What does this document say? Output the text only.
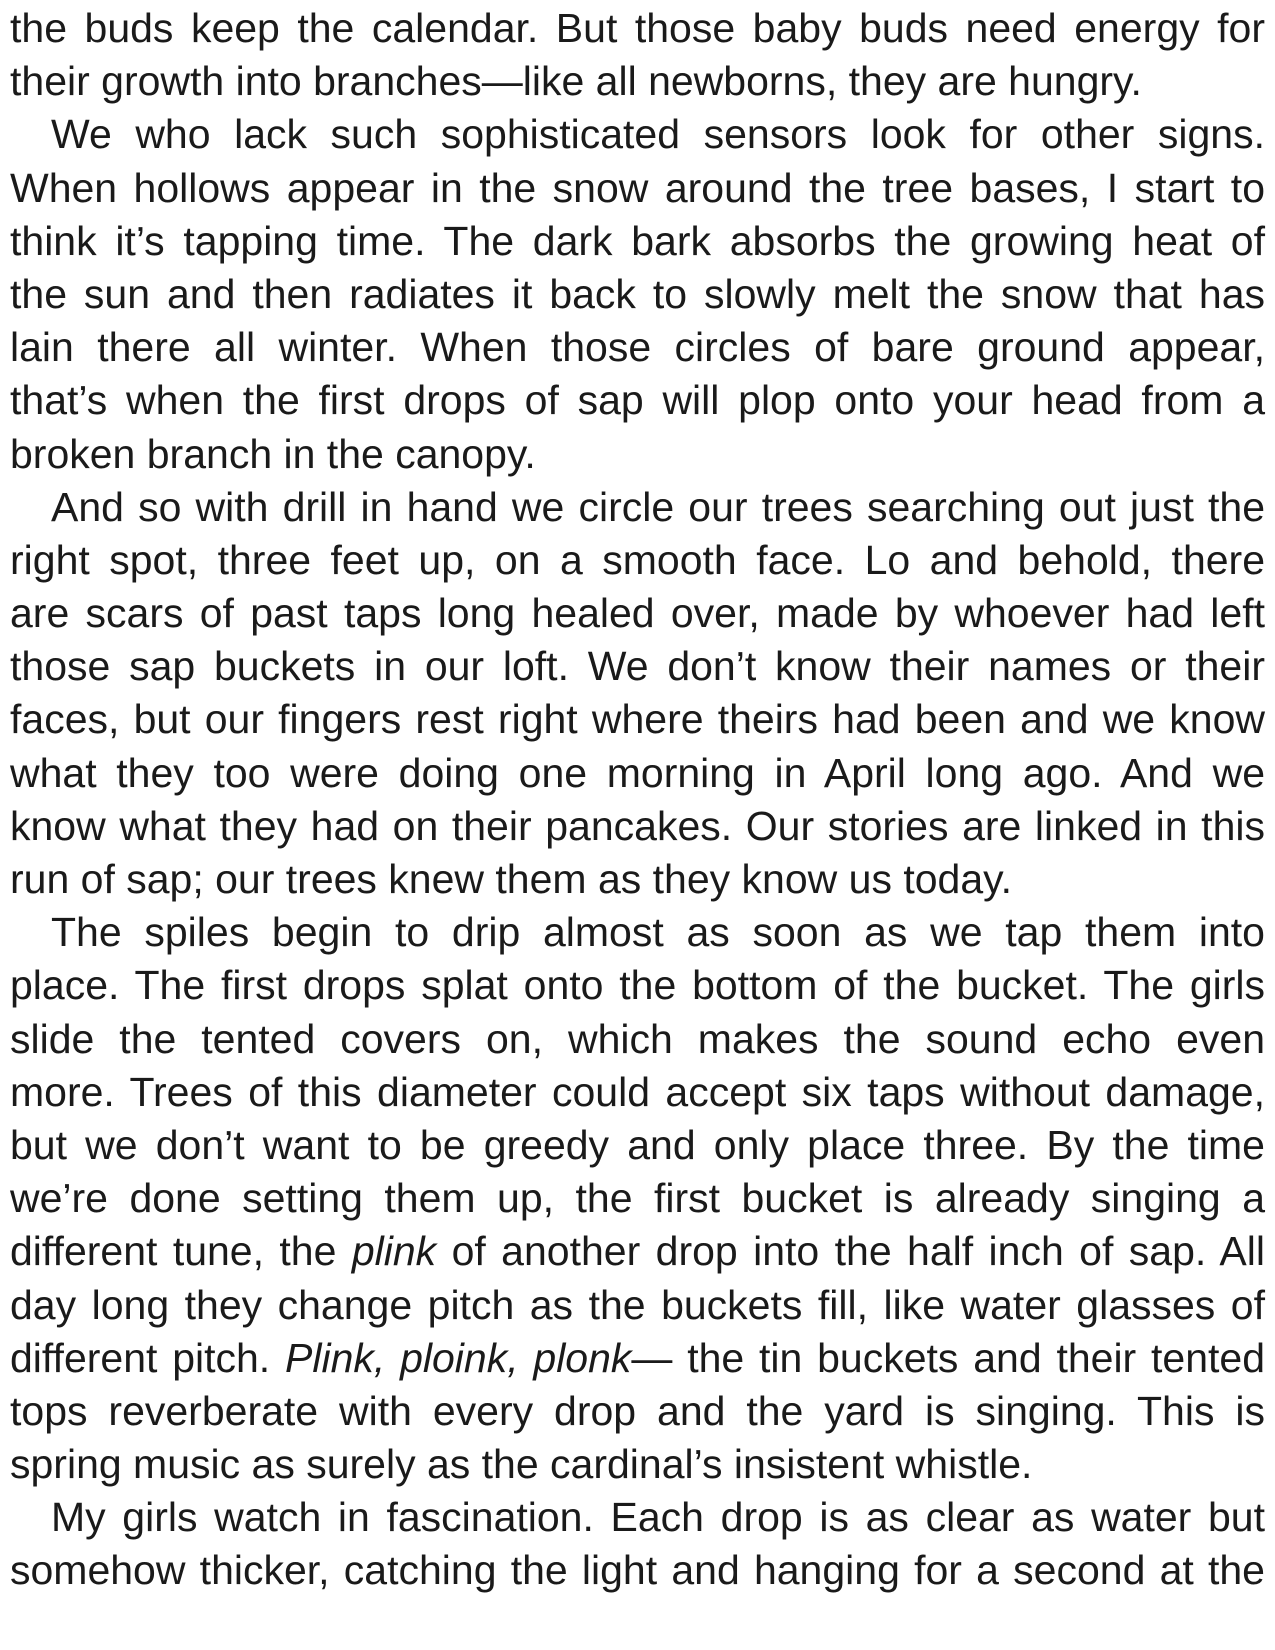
the buds keep the calendar. But those baby buds need energy for
their growth into branches—like all newborns, they are hungry.
We who lack such sophisticated sensors look for other signs.
When hollows appear in the snow around the tree bases, I start to
think it’s tapping time. The dark bark absorbs the growing heat of
the sun and then radiates it back to slowly melt the snow that has
lain there all winter. When those circles of bare ground appear,
that’s when the first drops of sap will plop onto your head from a
broken branch in the canopy.
And so with drill in hand we circle our trees searching out just the
right spot, three feet up, on a smooth face. Lo and behold, there
are scars of past taps long healed over, made by whoever had left
those sap buckets in our loft. We don’t know their names or their
faces, but our fingers rest right where theirs had been and we know
what they too were doing one morning in April long ago. And we
know what they had on their pancakes. Our stories are linked in this
run of sap; our trees knew them as they know us today.
The spiles begin to drip almost as soon as we tap them into
place. The first drops splat onto the bottom of the bucket. The girls
slide the tented covers on, which makes the sound echo even
more. Trees of this diameter could accept six taps without damage,
but we don’t want to be greedy and only place three. By the time
we’re done setting them up, the first bucket is already singing a
different tune, the plink of another drop into the half inch of sap. All
day long they change pitch as the buckets fill, like water glasses of
different pitch. Plink, ploink, plonk— the tin buckets and their tented
tops reverberate with every drop and the yard is singing. This is
spring music as surely as the cardinal’s insistent whistle.
My girls watch in fascination. Each drop is as clear as water but
somehow thicker, catching the light and hanging for a second at the
